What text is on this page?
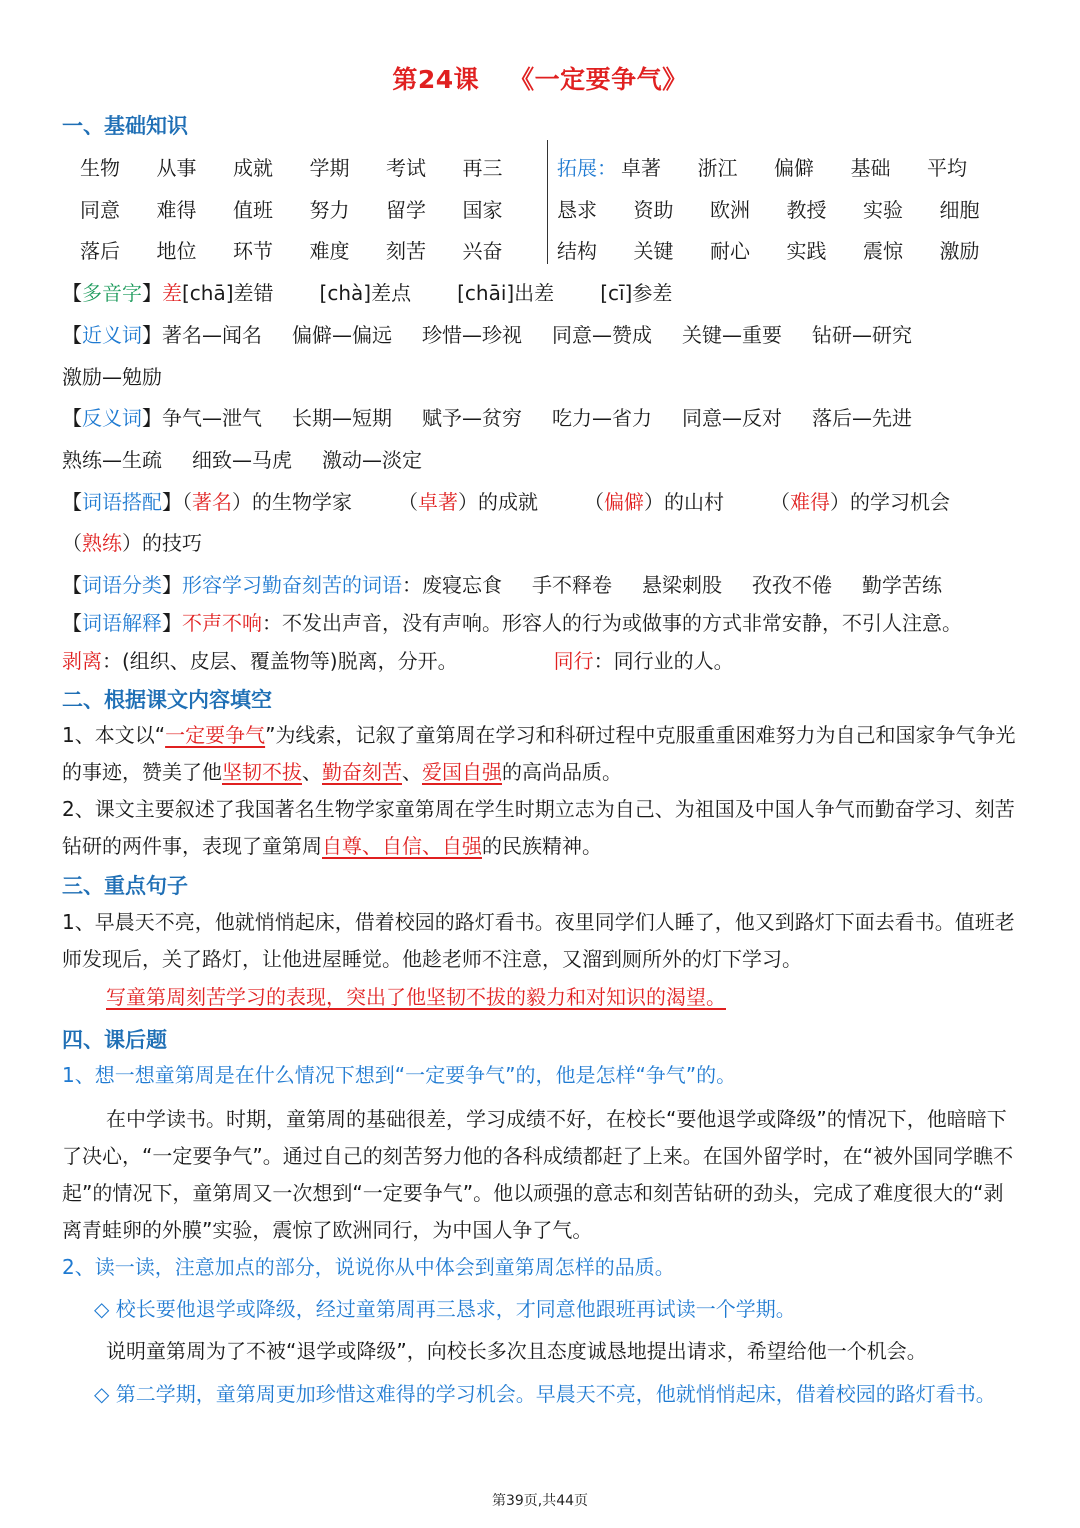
第24课 《一定要争气》
一、基础知识
生物	从事	成就	学期	考试	再三
同意	难得	值班	努力	留学	国家
落后	地位	环节	难度	刻苦	兴奋
拓展： 卓著	浙江	偏僻	基础	平均
恳求	资助	欧洲	教授	实验	细胞
结构	关键	耐心	实践	震惊	激励
【多音字】差[chā]差错 [chà]差点 [chāi]出差 [cī]参差
【近义词】著名—闻名 偏僻—偏远 珍惜—珍视 同意—赞成 关键—重要 钻研—研究
激励—勉励
【反义词】争气—泄气 长期—短期 赋予—贫穷 吃力—省力 同意—反对 落后—先进
熟练—生疏 细致—马虎 激动—淡定
【词语搭配】（著名）的生物学家 （卓著）的成就 （偏僻）的山村 （难得）的学习机会
（熟练）的技巧
【词语分类】形容学习勤奋刻苦的词语：废寝忘食 手不释卷 悬梁刺股 孜孜不倦 勤学苦练
【词语解释】不声不响：不发出声音，没有声响。形容人的行为或做事的方式非常安静，不引人注意。
剥离：(组织、皮层、覆盖物等)脱离，分开。	同行：同行业的人。
二、根据课文内容填空
1、本文以“一定要争气”为线索，记叙了童第周在学习和科研过程中克服重重困难努力为自己和国家争气争光的事迹，赞美了他坚韧不拔、勤奋刻苦、爱国自强的高尚品质。
2、课文主要叙述了我国著名生物学家童第周在学生时期立志为自己、为祖国及中国人争气而勤奋学习、刻苦钻研的两件事，表现了童第周自尊、自信、自强的民族精神。
三、重点句子
1、早晨天不亮，他就悄悄起床，借着校园的路灯看书。夜里同学们人睡了，他又到路灯下面去看书。值班老师发现后，关了路灯，让他进屋睡觉。他趁老师不注意，又溜到厕所外的灯下学习。
写童第周刻苦学习的表现，突出了他坚韧不拔的毅力和对知识的渴望。
四、课后题
1、想一想童第周是在什么情况下想到“一定要争气”的，他是怎样“争气”的。
在中学读书。时期，童第周的基础很差，学习成绩不好，在校长“要他退学或降级”的情况下，他暗暗下了决心，“一定要争气”。通过自己的刻苦努力他的各科成绩都赶了上来。在国外留学时，在“被外国同学瞧不起”的情况下，童第周又一次想到“一定要争气”。他以顽强的意志和刻苦钻研的劲头，完成了难度很大的“剥离青蛙卵的外膜”实验，震惊了欧洲同行，为中国人争了气。
2、读一读，注意加点的部分，说说你从中体会到童第周怎样的品质。
◇ 校长要他退学或降级，经过童第周再三恳求，才同意他跟班再试读一个学期。
说明童第周为了不被“退学或降级”，向校长多次且态度诚恳地提出请求，希望给他一个机会。
◇ 第二学期，童第周更加珍惜这难得的学习机会。早晨天不亮，他就悄悄起床，借着校园的路灯看书。
第39页,共44页
